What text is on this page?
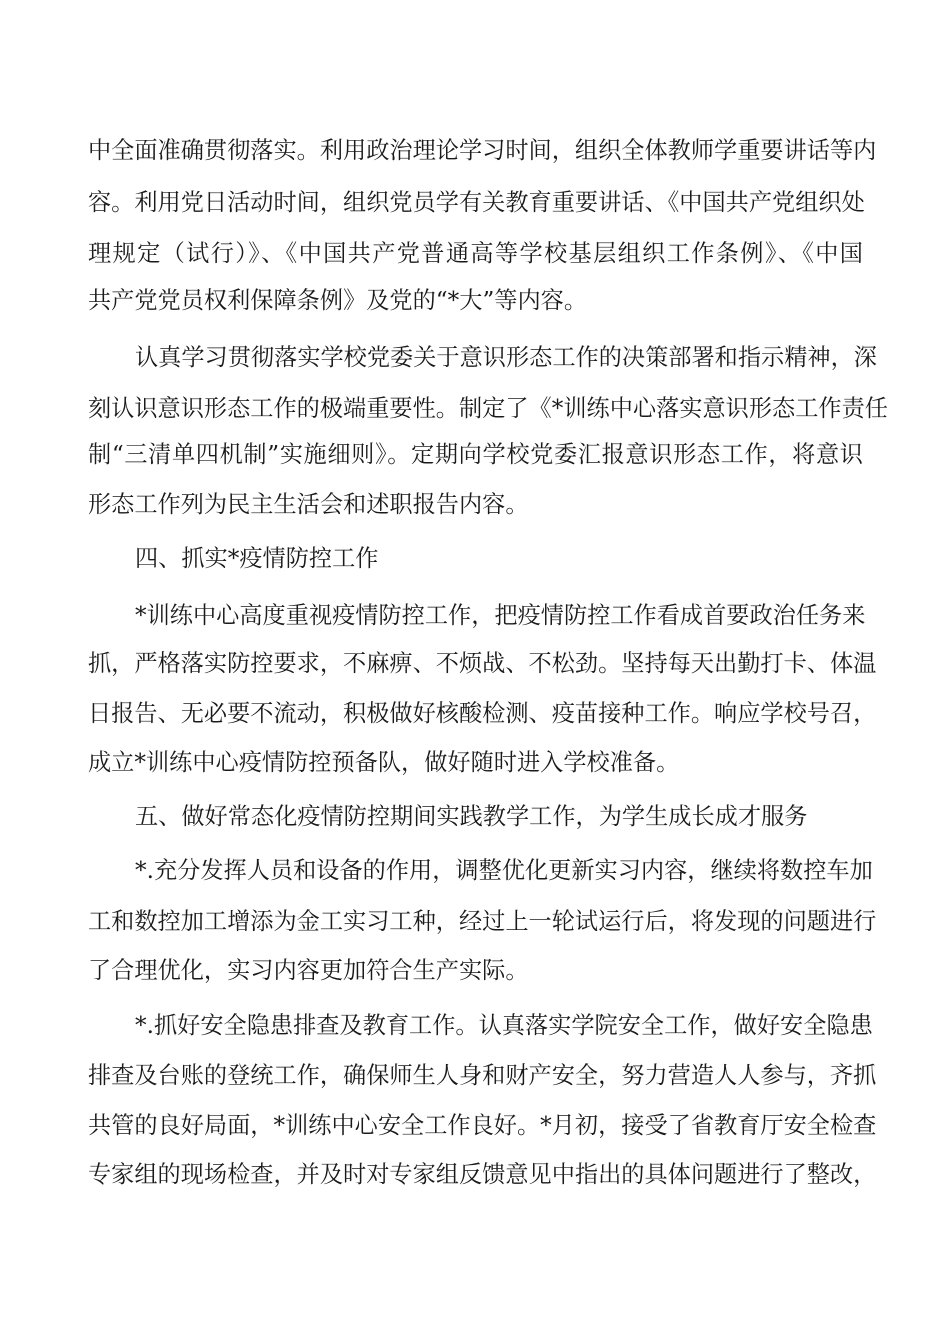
中全面准确贯彻落实。利用政治理论学习时间，组织全体教师学重要讲话等内
容。利用党日活动时间，组织党员学有关教育重要讲话、《中国共产党组织处
理规定（试行）》、《中国共产党普通高等学校基层组织工作条例》、《中国
共产党党员权利保障条例》及党的“*大”等内容。
认真学习贯彻落实学校党委关于意识形态工作的决策部署和指示精神，深
刻认识意识形态工作的极端重要性。制定了《*训练中心落实意识形态工作责任
制“三清单四机制”实施细则》。定期向学校党委汇报意识形态工作，将意识
形态工作列为民主生活会和述职报告内容。
四、抓实*疫情防控工作
*训练中心高度重视疫情防控工作，把疫情防控工作看成首要政治任务来
抓，严格落实防控要求，不麻痹、不烦战、不松劲。坚持每天出勤打卡、体温
日报告、无必要不流动，积极做好核酸检测、疫苗接种工作。响应学校号召，
成立*训练中心疫情防控预备队，做好随时进入学校准备。
五、做好常态化疫情防控期间实践教学工作，为学生成长成才服务
*.充分发挥人员和设备的作用，调整优化更新实习内容，继续将数控车加
工和数控加工增添为金工实习工种，经过上一轮试运行后，将发现的问题进行
了合理优化，实习内容更加符合生产实际。
*.抓好安全隐患排查及教育工作。认真落实学院安全工作，做好安全隐患
排查及台账的登统工作，确保师生人身和财产安全，努力营造人人参与，齐抓
共管的良好局面，*训练中心安全工作良好。*月初，接受了省教育厅安全检查
专家组的现场检查，并及时对专家组反馈意见中指出的具体问题进行了整改，
